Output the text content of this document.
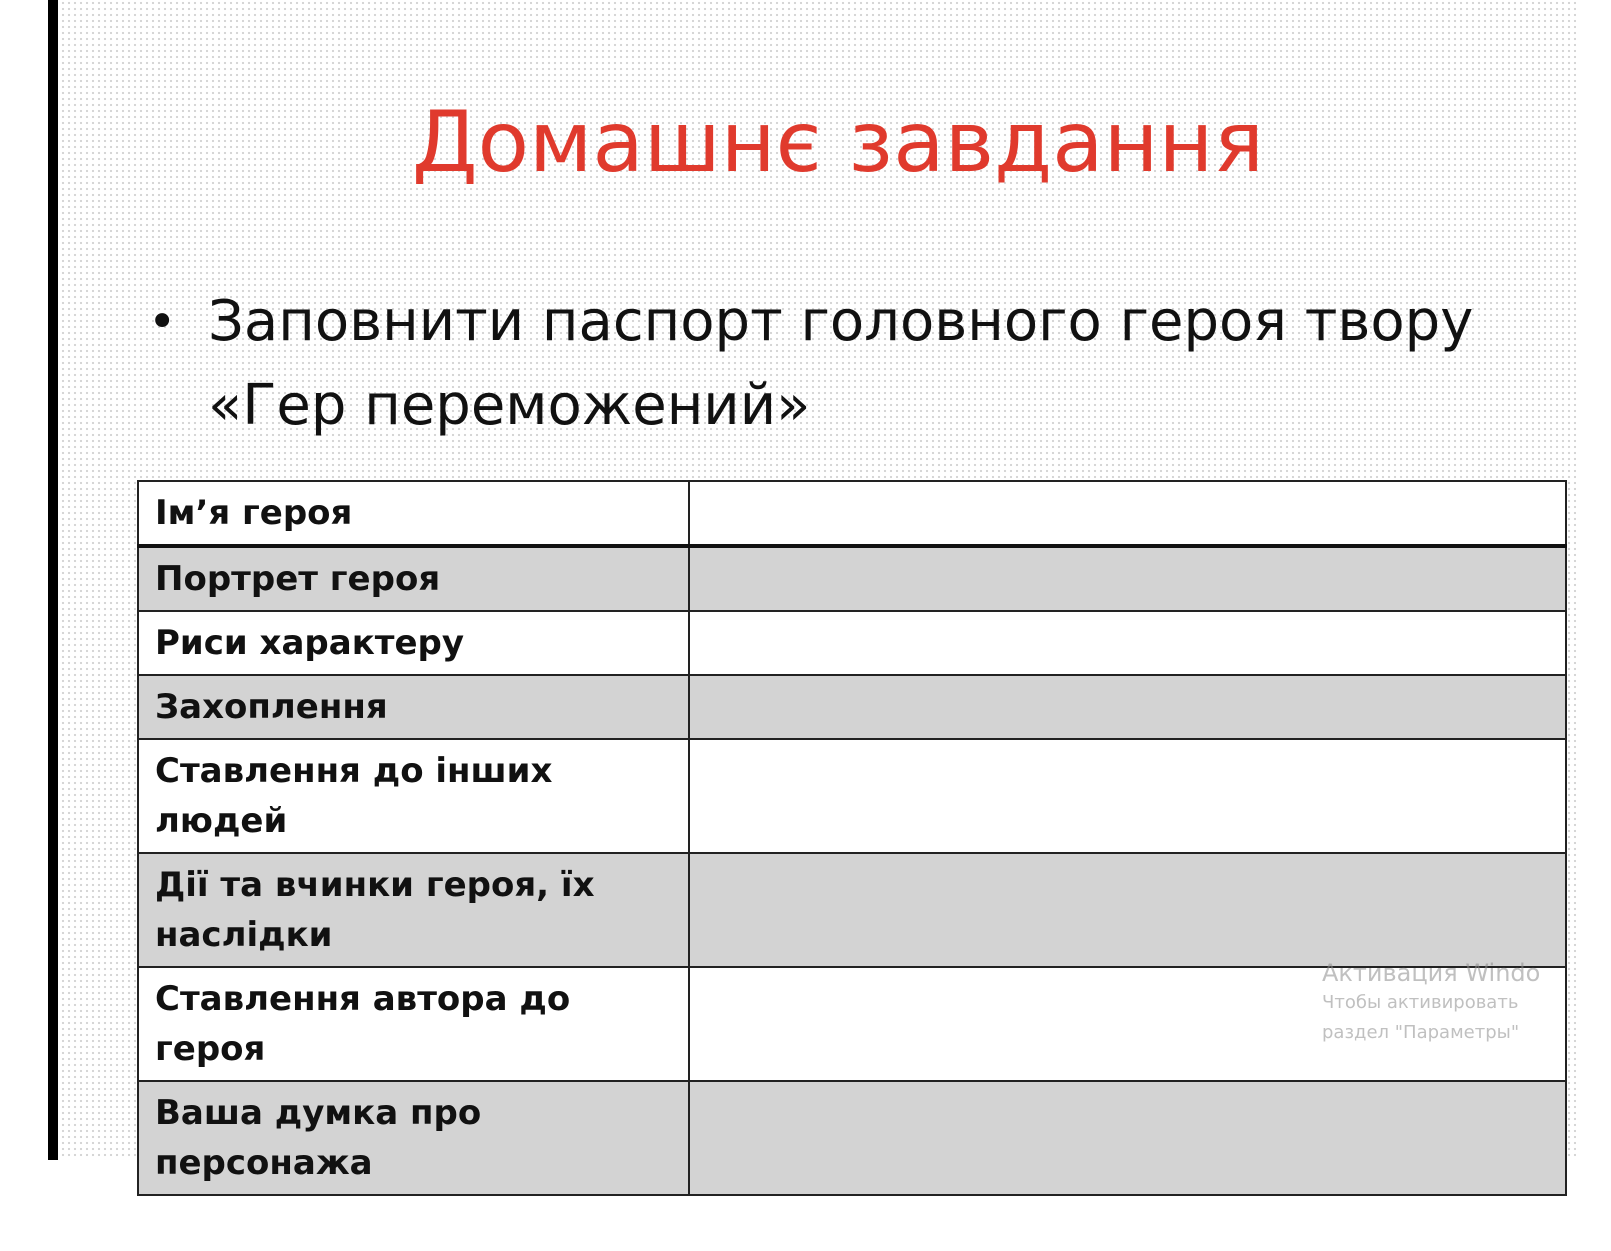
Домашнє завдання
• Заповнити паспорт головного героя твору
«Гер переможений»
Ім’я героя	
Портрет героя	
Риси характеру	
Захоплення	
Ставлення до інших людей	
Дії та вчинки героя, їх наслідки	
Ставлення автора до героя	
Ваша думка про персонажа	
Активация Windo
Чтобы активировать
раздел "Параметры"
